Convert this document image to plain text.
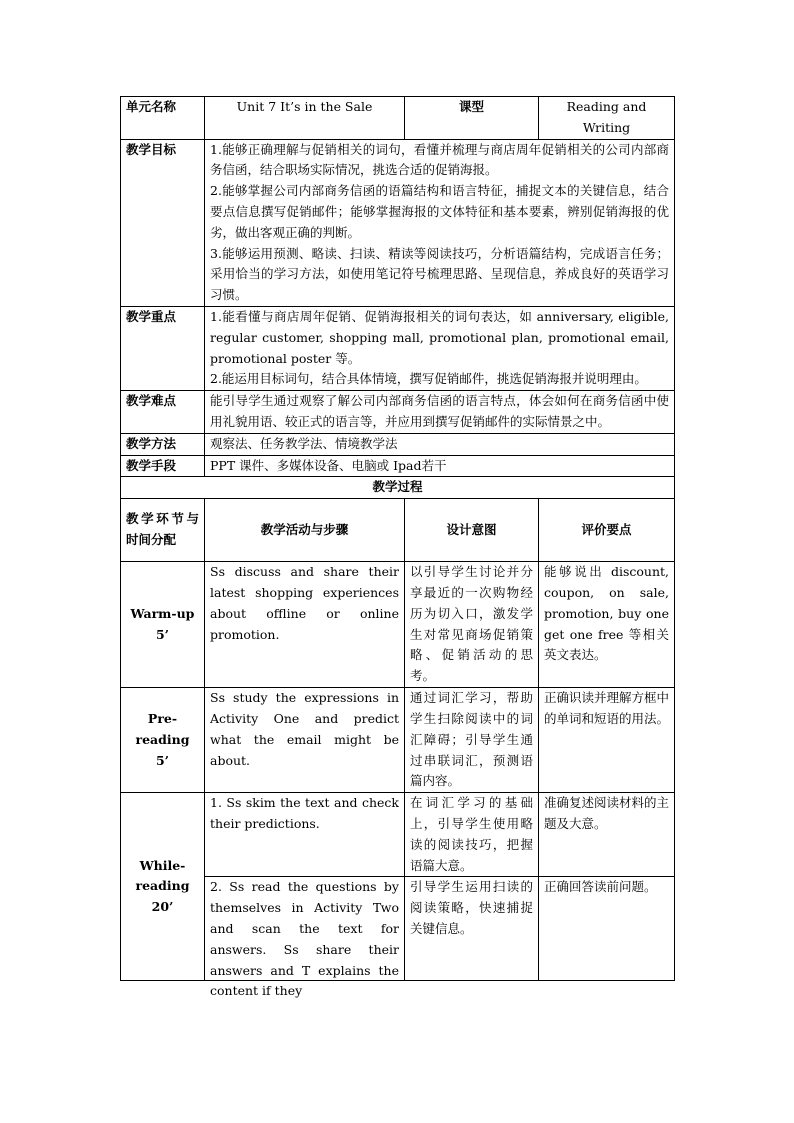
单元名称	Unit 7 It’s in the Sale	课型	Reading and Writing
教学目标	1.能够正确理解与促销相关的词句，看懂并梳理与商店周年促销相关的公司内部商务信函，结合职场实际情况，挑选合适的促销海报。
2.能够掌握公司内部商务信函的语篇结构和语言特征，捕捉文本的关键信息，结合要点信息撰写促销邮件；能够掌握海报的文体特征和基本要素，辨别促销海报的优劣，做出客观正确的判断。
3.能够运用预测、略读、扫读、精读等阅读技巧，分析语篇结构，完成语言任务；采用恰当的学习方法，如使用笔记符号梳理思路、呈现信息，养成良好的英语学习习惯。		

教学重点	1.能看懂与商店周年促销、促销海报相关的词句表达，如 anniversary, eligible, regular customer, shopping mall, promotional plan, promotional email, promotional poster 等。
2.能运用目标词句，结合具体情境，撰写促销邮件，挑选促销海报并说明理由。		

教学难点	能引导学生通过观察了解公司内部商务信函的语言特点，体会如何在商务信函中使用礼貌用语、较正式的语言等，并应用到撰写促销邮件的实际情景之中。		
教学方法	观察法、任务教学法、情境教学法		
教学手段	PPT 课件、多媒体设备、电脑或 Ipad若干		
教学过程			
教学环节与时间分配	教学活动与步骤	设计意图	评价要点

Warm-up
5’	Ss discuss and share their latest shopping experiences about offline or online promotion.	以引导学生讨论并分享最近的一次购物经历为切入口，激发学生对常见商场促销策略、促销活动的思考。	能够说出 discount, coupon, on sale, promotion, buy one get one free 等相关英文表达。

Pre-
reading
5’	Ss study the expressions in Activity One and predict what the email might be about.	通过词汇学习，帮助学生扫除阅读中的词汇障碍；引导学生通过串联词汇，预测语篇内容。	正确识读并理解方框中的单词和短语的用法。

While-
reading
20’	1. Ss skim the text and check their predictions.	在词汇学习的基础上，引导学生使用略读的阅读技巧，把握语篇大意。	准确复述阅读材料的主题及大意。

	2. Ss read the questions by themselves in Activity Two and scan the text for answers. Ss share their answers and T explains the content if they	引导学生运用扫读的阅读策略，快速捕捉关键信息。	正确回答读前问题。
